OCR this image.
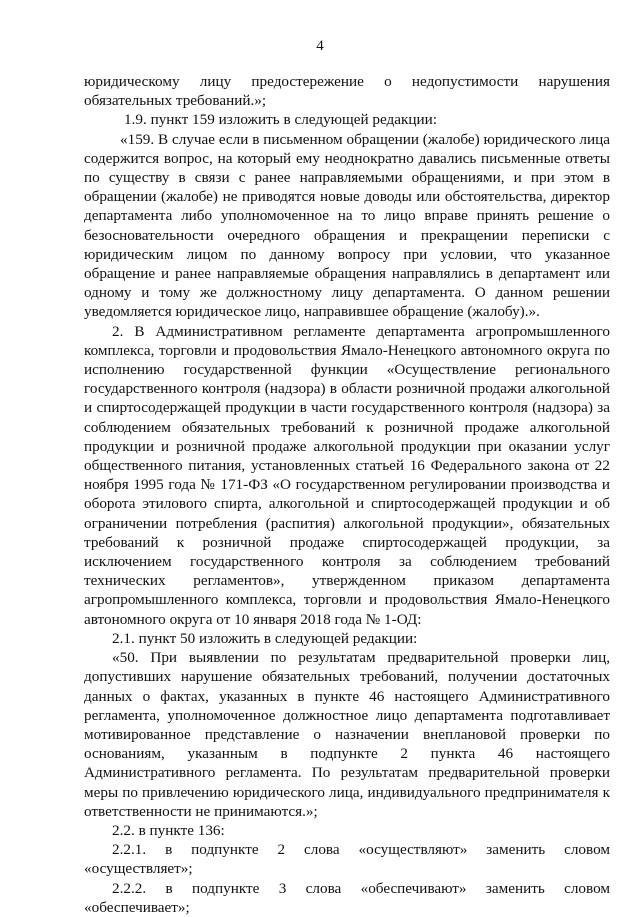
4

юридическому лицу предостережение о недопустимости нарушения обязательных требований.»;

1.9. пункт 159 изложить в следующей редакции:

«159. В случае если в письменном обращении (жалобе) юридического лица содержится вопрос, на который ему неоднократно давались письменные ответы по существу в связи с ранее направляемыми обращениями, и при этом в обращении (жалобе) не приводятся новые доводы или обстоятельства, директор департамента либо уполномоченное на то лицо вправе принять решение о безосновательности очередного обращения и прекращении переписки с юридическим лицом по данному вопросу при условии, что указанное обращение и ранее направляемые обращения направлялись в департамент или одному и тому же должностному лицу департамента. О данном решении уведомляется юридическое лицо, направившее обращение (жалобу).».

2. В Административном регламенте департамента агропромышленного комплекса, торговли и продовольствия Ямало-Ненецкого автономного округа по исполнению государственной функции «Осуществление регионального государственного контроля (надзора) в области розничной продажи алкогольной и спиртосодержащей продукции в части государственного контроля (надзора) за соблюдением обязательных требований к розничной продаже алкогольной продукции и розничной продаже алкогольной продукции при оказании услуг общественного питания, установленных статьей 16 Федерального закона от 22 ноября 1995 года № 171-ФЗ «О государственном регулировании производства и оборота этилового спирта, алкогольной и спиртосодержащей продукции и об ограничении потребления (распития) алкогольной продукции», обязательных требований к розничной продаже спиртосодержащей продукции, за исключением государственного контроля за соблюдением требований технических регламентов», утвержденном приказом департамента агропромышленного комплекса, торговли и продовольствия Ямало-Ненецкого автономного округа от 10 января 2018 года № 1-ОД:

2.1. пункт 50 изложить в следующей редакции:

«50. При выявлении по результатам предварительной проверки лиц, допустивших нарушение обязательных требований, получении достаточных данных о фактах, указанных в пункте 46 настоящего Административного регламента, уполномоченное должностное лицо департамента подготавливает мотивированное представление о назначении внеплановой проверки по основаниям, указанным в подпункте 2 пункта 46 настоящего Административного регламента. По результатам предварительной проверки меры по привлечению юридического лица, индивидуального предпринимателя к ответственности не принимаются.»;

2.2. в пункте 136:

2.2.1. в подпункте 2 слова «осуществляют» заменить словом «осуществляет»;

2.2.2. в подпункте 3 слова «обеспечивают» заменить словом «обеспечивает»;
